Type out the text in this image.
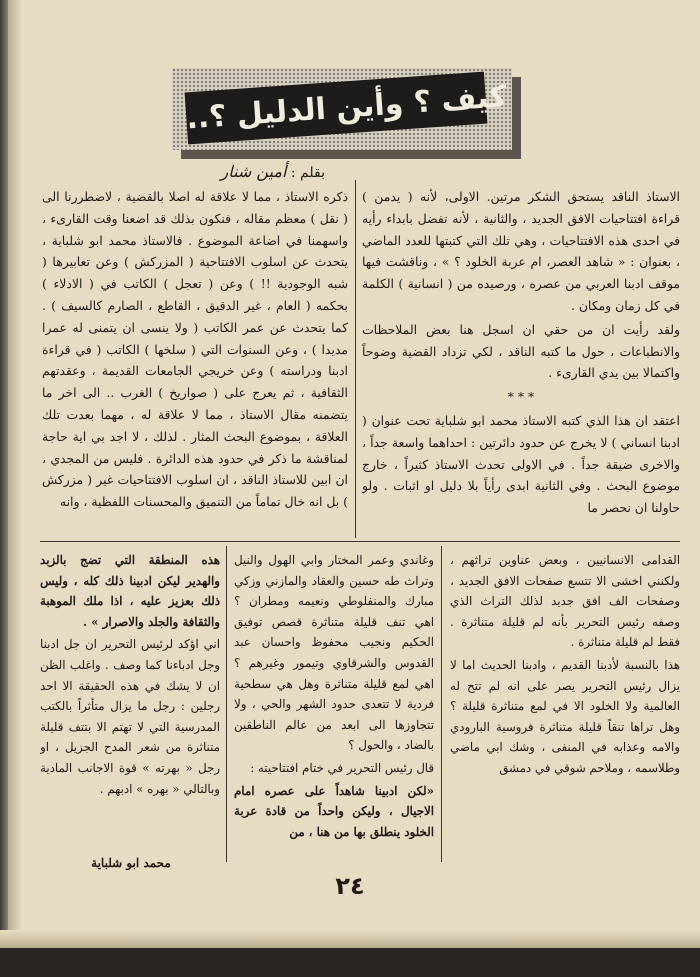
..كيف ؟ وأين الدليل ؟
بقلم : أمين شنار

الاستاذ الناقد يستحق الشكر مرتين. الاولى، لأنه ( يدمن ) قراءة افتتاحيات الافق الجديد ، والثانية ، لأنه تفضل بابداء رأيه في احدى هذه الافتتاحيات ، وهي تلك التي كتبتها للعدد الماضي ، بعنوان : « شاهد العصر، ام عربة الخلود ؟ » ، وناقشت فيها موقف ادبنا العربي من عصره ، ورصيده من ( انسانية ) الكلمة في كل زمان ومكان .

ولقد رأيت ان من حقي ان اسجل هنا بعض الملاحظات والانطباعات ، حول ما كتبه الناقد ، لكي تزداد القضية وضوحاً واكتمالا بين يدي القارىء .

* * *

اعتقد ان هذا الذي كتبه الاستاذ محمد ابو شلباية تحت عنوان ( ادبنا انساني ) لا يخرج عن حدود دائرتين : احداهما واسعة جداً ، والاخرى ضيقة جداً . في الاولى تحدث الاستاذ كثيراً ، خارج موضوع البحث . وفي الثانية ابدى رأياً بلا دليل او اثبات . ولو حاولنا ان نحصر ما

ذكره الاستاذ ، مما لا علاقة له اصلا بالقضية ، لاضطررنا الى ( نقل ) معظم مقاله ، فنكون بذلك قد اضعنا وقت القارىء ، واسهمنا في اضاعة الموضوع . فالاستاذ محمد ابو شلباية ، يتحدث عن اسلوب الافتتاحية ( المزركش ) وعن تعابيرها ( شبه الوجودية !! ) وعن ( تعجل ) الكاتب في ( الادلاء ) بحكمه ( العام ، غير الدقيق ، القاطع ، الصارم كالسيف ) . كما يتحدث عن عمر الكاتب ( ولا ينسى ان يتمنى له عمرا مديدا ) ، وعن السنوات التي ( سلخها ) الكاتب ( في قراءة ادبنا ودراسته ) وعن خريجي الجامعات القديمة ، وعقدتهم الثقافية ، ثم يعرج على ( صواريخ ) الغرب .. الى اخر ما يتضمنه مقال الاستاذ ، مما لا علاقة له ، مهما بعدت تلك العلاقة ، بموضوع البحث المثار . لذلك ، لا اجد بي اية حاجة لمناقشة ما ذكر في حدود هذه الدائرة . فليس من المجدي ، ان ابين للاستاذ الناقد ، ان اسلوب الافتتاحيات غير ( مزركش ) بل انه خال تماماً من التنميق والمحسنات اللفظية ، وانه

القدامى الانسانيين ، وبعض عناوين تراثهم ، ولكنني اخشى الا تتسع صفحات الافق الجديد ، وصفحات الف افق جديد لذلك التراث الذي وصفه رئيس التحرير بأنه لم قليلة متناثرة . فقط لم قليلة متناثرة .

هذا بالنسبة لأدبنا القديم ، وادبنا الحديث اما لا يزال رئيس التحرير يصر على انه لم تتح له العالمية ولا الخلود الا في لمع متناثرة قليلة ؟ وهل تراها تنقاً قليلة متناثرة فروسية البارودي والامه وعذابه في المنفى ، وشك ابي ماضي وطلاسمه ، وملاحم شوقي في دمشق

وغاندي وعمر المختار وابي الهول والنيل وتراث طه حسين والعقاد والمازني وزكي مبارك والمنفلوطي ونعيمه ومطران ؟ اهي تنف قليلة متناثرة قصص توفيق الحكيم ونجيب محفوظ واحسان عبد القدوس والشرقاوي وتيمور وغيرهم ؟ اهي لمع قليلة متناثرة وهل هي سطحية فردية لا تتعدى حدود الشهر والحي ، ولا تتجاوزها الى ابعد من عالم الناطقين بالضاد ، والحول ؟

قال رئيس التحرير في ختام افتتاحيته :

«لكن ادبينا شاهداً على عصره امام الاجيال ، وليكن واحداً من قادة عربة الخلود ينطلق بها من هنا ، من

هذه المنطقة التي تضج بالزبد والهدير ليكن ادبينا ذلك كله ، وليس ذلك بعزيز عليه ، اذا ملك الموهبة والثقافة والجلد والاصرار » .

اني اؤكد لرئيس التحرير ان جل ادبنا وجل ادباءنا كما وصف . واغلب الظن ان لا يشك في هذه الحقيقة الا احد رجلين : رجل ما يزال متأثراً بالكتب المدرسية التي لا تهتم الا بتتف قليلة متناثرة من شعر المدح الجزيل ، او رجل « بهرته » قوة الاجانب المادية وبالتالي « بهره » ادبهم .

محمد ابو شلباية
٢٤
